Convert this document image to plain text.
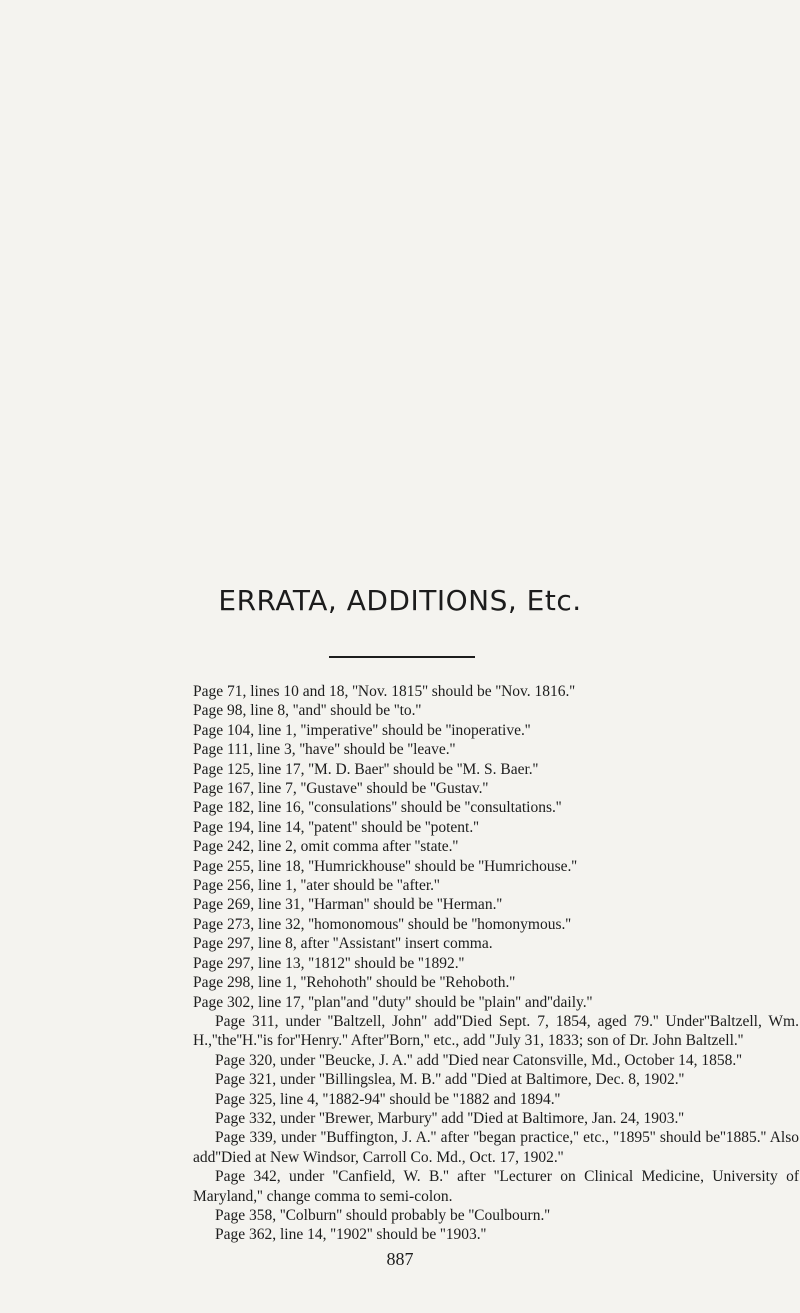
ERRATA, ADDITIONS, Etc.

Page 71, lines 10 and 18, ''Nov. 1815'' should be ''Nov. 1816.''

Page 98, line 8, ''and'' should be ''to.''

Page 104, line 1, ''imperative'' should be ''inoperative.''

Page 111, line 3, ''have'' should be ''leave.''

Page 125, line 17, ''M. D. Baer'' should be ''M. S. Baer.''

Page 167, line 7, ''Gustave'' should be ''Gustav.''

Page 182, line 16, ''consulations'' should be ''consultations.''

Page 194, line 14, ''patent'' should be ''potent.''

Page 242, line 2, omit comma after ''state.''

Page 255, line 18, ''Humrickhouse'' should be ''Humrichouse.''

Page 256, line 1, ''ater should be ''after.''

Page 269, line 31, ''Harman'' should be ''Herman.''

Page 273, line 32, ''homonomous'' should be ''homonymous.''

Page 297, line 8, after ''Assistant'' insert comma.

Page 297, line 13, ''1812'' should be ''1892.''

Page 298, line 1, ''Rehohoth'' should be ''Rehoboth.''

Page 302, line 17, ''plan''and ''duty'' should be ''plain'' and''daily.''

Page 311, under ''Baltzell, John'' add''Died Sept. 7, 1854, aged 79.'' Under''Baltzell, Wm. H.,''the''H.''is for''Henry.'' After''Born,'' etc., add ''July 31, 1833; son of Dr. John Baltzell.''

Page 320, under ''Beucke, J. A.'' add ''Died near Catonsville, Md., October 14, 1858.''

Page 321, under ''Billingslea, M. B.'' add ''Died at Baltimore, Dec. 8, 1902.''

Page 325, line 4, ''1882-94'' should be ''1882 and 1894.''

Page 332, under ''Brewer, Marbury'' add ''Died at Baltimore, Jan. 24, 1903.''

Page 339, under ''Buffington, J. A.'' after ''began practice,'' etc., ''1895'' should be''1885.'' Also add''Died at New Windsor, Carroll Co. Md., Oct. 17, 1902.''

Page 342, under ''Canfield, W. B.'' after ''Lecturer on Clinical Medicine, University of Maryland,'' change comma to semi-colon.

Page 358, ''Colburn'' should probably be ''Coulbourn.''

Page 362, line 14, ''1902'' should be ''1903.''

887
